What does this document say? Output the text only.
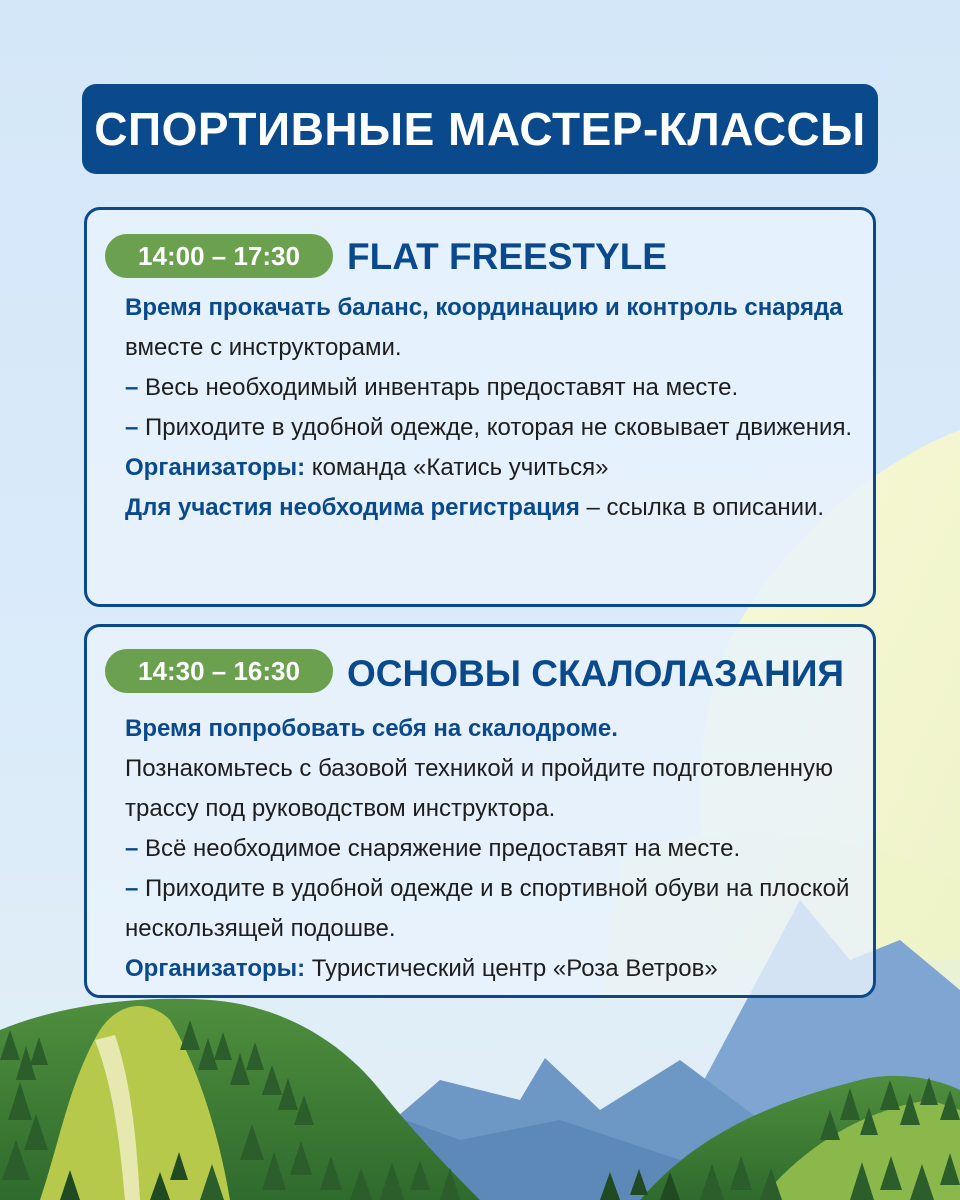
СПОРТИВНЫЕ МАСТЕР-КЛАССЫ
14:00 – 17:30	FLAT FREESTYLE

Время прокачать баланс, координацию и контроль снаряда вместе с инструкторами.

– Весь необходимый инвентарь предоставят на месте.

– Приходите в удобной одежде, которая не сковывает движения.

Организаторы: команда «Катись учиться»

Для участия необходима регистрация – ссылка в описании.

14:30 – 16:30	ОСНОВЫ СКАЛОЛАЗАНИЯ

Время попробовать себя на скалодроме.

Познакомьтесь с базовой техникой и пройдите подготовленную трассу под руководством инструктора.

– Всё необходимое снаряжение предоставят на месте.

– Приходите в удобной одежде и в спортивной обуви на плоской нескользящей подошве.

Организаторы: Туристический центр «Роза Ветров»
